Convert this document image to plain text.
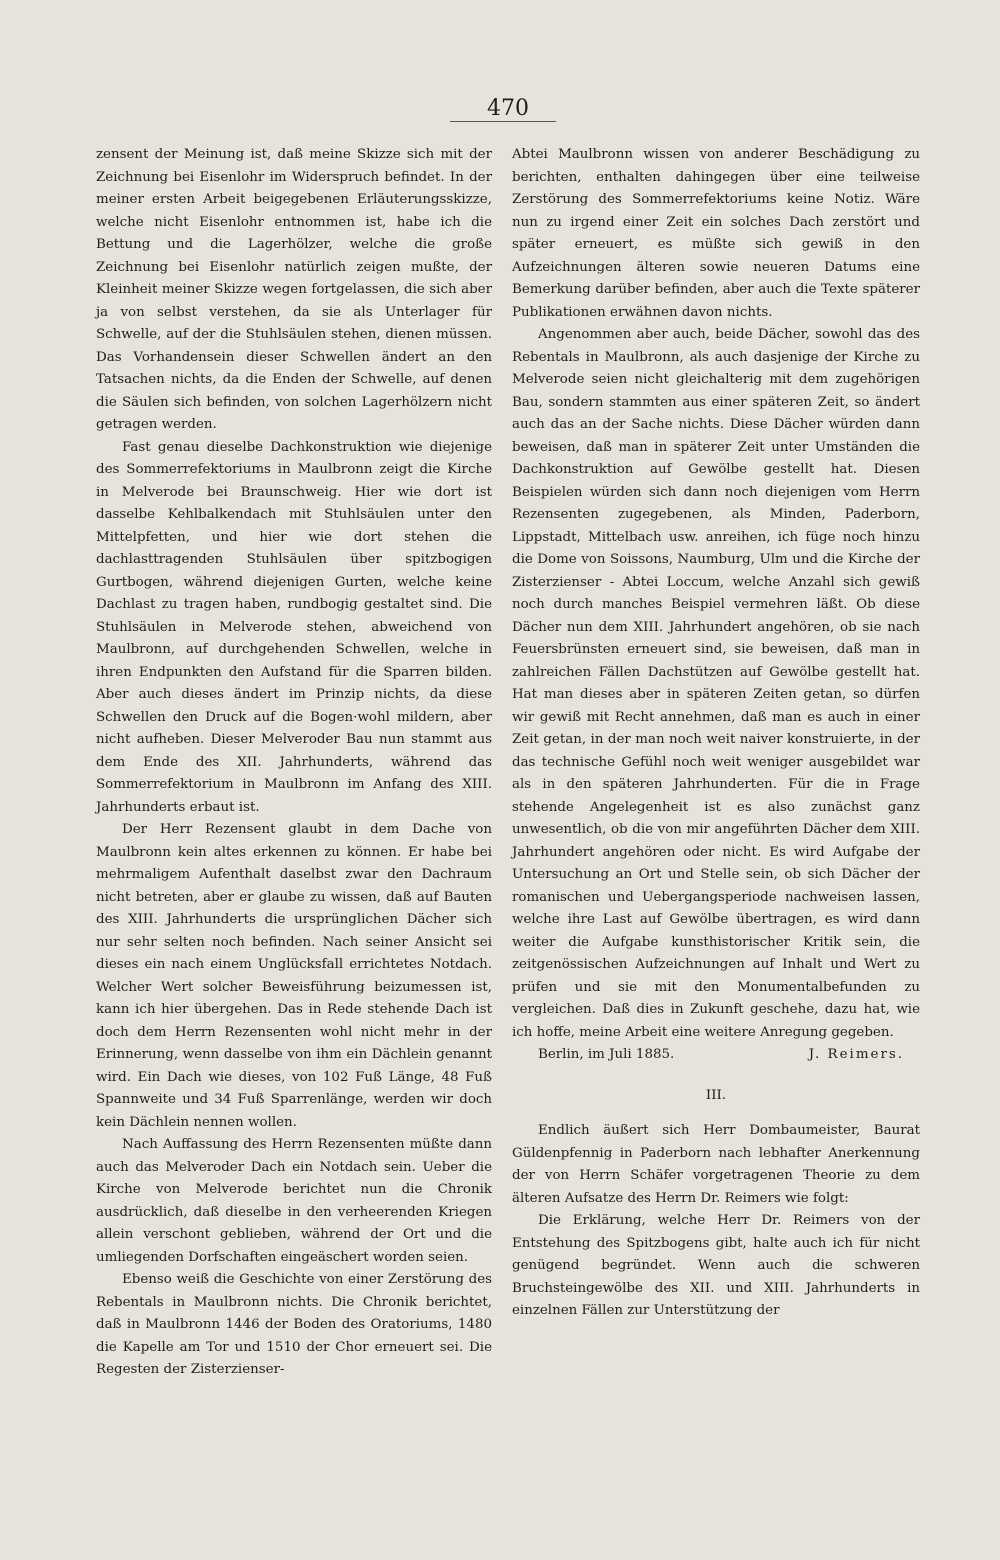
470

zensent der Meinung ist, daß meine Skizze sich mit der Zeichnung bei Eisenlohr im Widerspruch befindet. In der meiner ersten Arbeit beigegebenen Erläuterungsskizze, welche nicht Eisenlohr entnommen ist, habe ich die Bettung und die Lagerhölzer, welche die große Zeichnung bei Eisenlohr natürlich zeigen mußte, der Kleinheit meiner Skizze wegen fortgelassen, die sich aber ja von selbst verstehen, da sie als Unterlager für Schwelle, auf der die Stuhlsäulen stehen, dienen müssen. Das Vorhandensein dieser Schwellen ändert an den Tatsachen nichts, da die Enden der Schwelle, auf denen die Säulen sich befinden, von solchen Lagerhölzern nicht getragen werden.

Fast genau dieselbe Dachkonstruktion wie diejenige des Sommerrefektoriums in Maulbronn zeigt die Kirche in Melverode bei Braunschweig. Hier wie dort ist dasselbe Kehlbalkendach mit Stuhlsäulen unter den Mittelpfetten, und hier wie dort stehen die dachlasttragenden Stuhlsäulen über spitzbogigen Gurtbogen, während diejenigen Gurten, welche keine Dachlast zu tragen haben, rundbogig gestaltet sind. Die Stuhlsäulen in Melverode stehen, abweichend von Maulbronn, auf durchgehenden Schwellen, welche in ihren Endpunkten den Aufstand für die Sparren bilden. Aber auch dieses ändert im Prinzip nichts, da diese Schwellen den Druck auf die Bogen·wohl mildern, aber nicht aufheben. Dieser Melveroder Bau nun stammt aus dem Ende des XII. Jahrhunderts, während das Sommerrefektorium in Maulbronn im Anfang des XIII. Jahrhunderts erbaut ist.

Der Herr Rezensent glaubt in dem Dache von Maulbronn kein altes erkennen zu können. Er habe bei mehrmaligem Aufenthalt daselbst zwar den Dachraum nicht betreten, aber er glaube zu wissen, daß auf Bauten des XIII. Jahrhunderts die ursprünglichen Dächer sich nur sehr selten noch befinden. Nach seiner Ansicht sei dieses ein nach einem Unglücksfall errichtetes Notdach. Welcher Wert solcher Beweisführung beizumessen ist, kann ich hier übergehen. Das in Rede stehende Dach ist doch dem Herrn Rezensenten wohl nicht mehr in der Erinnerung, wenn dasselbe von ihm ein Dächlein genannt wird. Ein Dach wie dieses, von 102 Fuß Länge, 48 Fuß Spannweite und 34 Fuß Sparrenlänge, werden wir doch kein Dächlein nennen wollen.

Nach Auffassung des Herrn Rezensenten müßte dann auch das Melveroder Dach ein Notdach sein. Ueber die Kirche von Melverode berichtet nun die Chronik ausdrücklich, daß dieselbe in den verheerenden Kriegen allein verschont geblieben, während der Ort und die umliegenden Dorfschaften eingeäschert worden seien.

Ebenso weiß die Geschichte von einer Zerstörung des Rebentals in Maulbronn nichts. Die Chronik berichtet, daß in Maulbronn 1446 der Boden des Oratoriums, 1480 die Kapelle am Tor und 1510 der Chor erneuert sei. Die Regesten der Zisterzienser-

Abtei Maulbronn wissen von anderer Beschädigung zu berichten, enthalten dahingegen über eine teilweise Zerstörung des Sommerrefektoriums keine Notiz. Wäre nun zu irgend einer Zeit ein solches Dach zerstört und später erneuert, es müßte sich gewiß in den Aufzeichnungen älteren sowie neueren Datums eine Bemerkung darüber befinden, aber auch die Texte späterer Publikationen erwähnen davon nichts.

Angenommen aber auch, beide Dächer, sowohl das des Rebentals in Maulbronn, als auch dasjenige der Kirche zu Melverode seien nicht gleichalterig mit dem zugehörigen Bau, sondern stammten aus einer späteren Zeit, so ändert auch das an der Sache nichts. Diese Dächer würden dann beweisen, daß man in späterer Zeit unter Umständen die Dachkonstruktion auf Gewölbe gestellt hat. Diesen Beispielen würden sich dann noch diejenigen vom Herrn Rezensenten zugegebenen, als Minden, Paderborn, Lippstadt, Mittelbach usw. anreihen, ich füge noch hinzu die Dome von Soissons, Naumburg, Ulm und die Kirche der Zisterzienser - Abtei Loccum, welche Anzahl sich gewiß noch durch manches Beispiel vermehren läßt. Ob diese Dächer nun dem XIII. Jahrhundert angehören, ob sie nach Feuersbrünsten erneuert sind, sie beweisen, daß man in zahlreichen Fällen Dachstützen auf Gewölbe gestellt hat. Hat man dieses aber in späteren Zeiten getan, so dürfen wir gewiß mit Recht annehmen, daß man es auch in einer Zeit getan, in der man noch weit naiver konstruierte, in der das technische Gefühl noch weit weniger ausgebildet war als in den späteren Jahrhunderten. Für die in Frage stehende Angelegenheit ist es also zunächst ganz unwesentlich, ob die von mir angeführten Dächer dem XIII. Jahrhundert angehören oder nicht. Es wird Aufgabe der Untersuchung an Ort und Stelle sein, ob sich Dächer der romanischen und Uebergangsperiode nachweisen lassen, welche ihre Last auf Gewölbe übertragen, es wird dann weiter die Aufgabe kunsthistorischer Kritik sein, die zeitgenössischen Aufzeichnungen auf Inhalt und Wert zu prüfen und sie mit den Monumentalbefunden zu vergleichen. Daß dies in Zukunft geschehe, dazu hat, wie ich hoffe, meine Arbeit eine weitere Anregung gegeben.

Berlin, im Juli 1885.	J. Reimers.
III.

Endlich äußert sich Herr Dombaumeister, Baurat Güldenpfennig in Paderborn nach lebhafter Anerkennung der von Herrn Schäfer vorgetragenen Theorie zu dem älteren Aufsatze des Herrn Dr. Reimers wie folgt:

Die Erklärung, welche Herr Dr. Reimers von der Entstehung des Spitzbogens gibt, halte auch ich für nicht genügend begründet. Wenn auch die schweren Bruchsteingewölbe des XII. und XIII. Jahrhunderts in einzelnen Fällen zur Unterstützung der
